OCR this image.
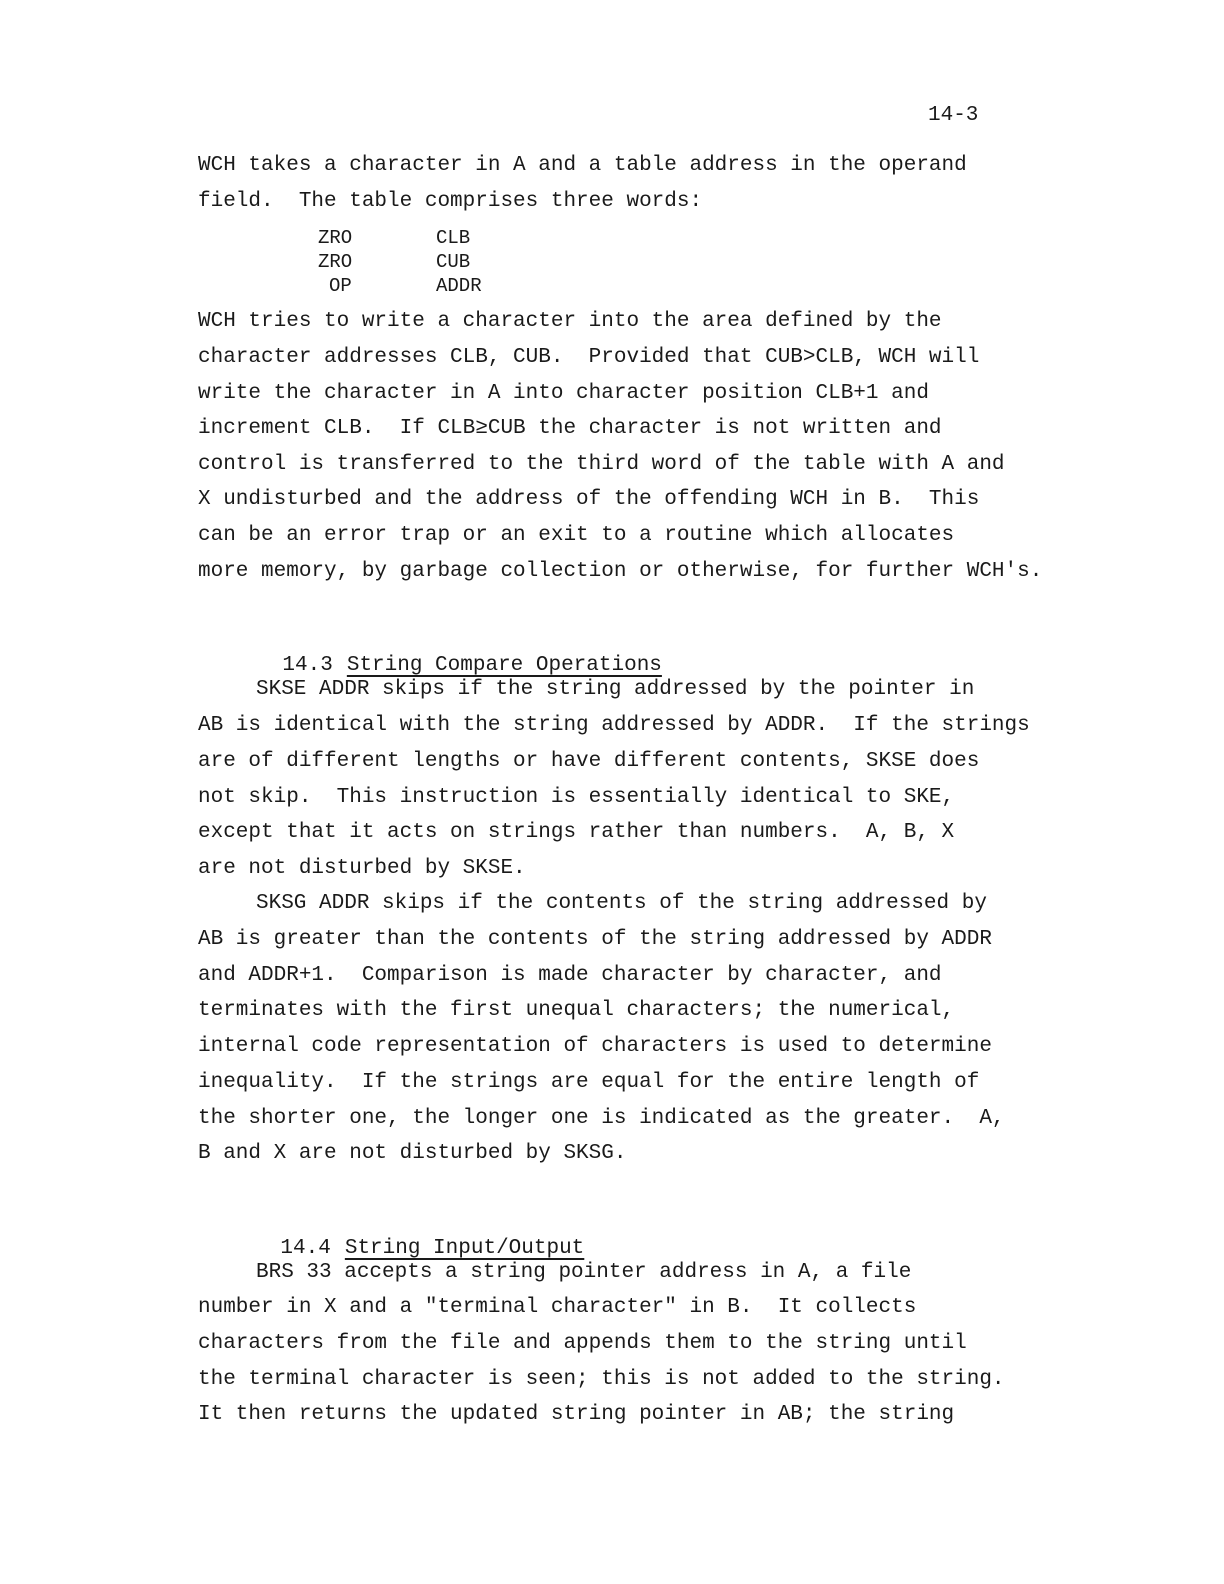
14-3
WCH takes a character in A and a table address in the operand
field.  The table comprises three words:
ZRO	CLB
ZRO	CUB
OP	ADDR
WCH tries to write a character into the area defined by the
character addresses CLB, CUB.  Provided that CUB>CLB, WCH will
write the character in A into character position CLB+1 and
increment CLB.  If CLB≥CUB the character is not written and
control is transferred to the third word of the table with A and
X undisturbed and the address of the offending WCH in B.  This
can be an error trap or an exit to a routine which allocates
more memory, by garbage collection or otherwise, for further WCH's.

14.3 String Compare Operations

SKSE ADDR skips if the string addressed by the pointer in
AB is identical with the string addressed by ADDR.  If the strings
are of different lengths or have different contents, SKSE does
not skip.  This instruction is essentially identical to SKE,
except that it acts on strings rather than numbers.  A, B, X
are not disturbed by SKSE.
SKSG ADDR skips if the contents of the string addressed by
AB is greater than the contents of the string addressed by ADDR
and ADDR+1.  Comparison is made character by character, and
terminates with the first unequal characters; the numerical,
internal code representation of characters is used to determine
inequality.  If the strings are equal for the entire length of
the shorter one, the longer one is indicated as the greater.  A,
B and X are not disturbed by SKSG.

14.4 String Input/Output

BRS 33 accepts a string pointer address in A, a file
number in X and a "terminal character" in B.  It collects
characters from the file and appends them to the string until
the terminal character is seen; this is not added to the string.
It then returns the updated string pointer in AB; the string
